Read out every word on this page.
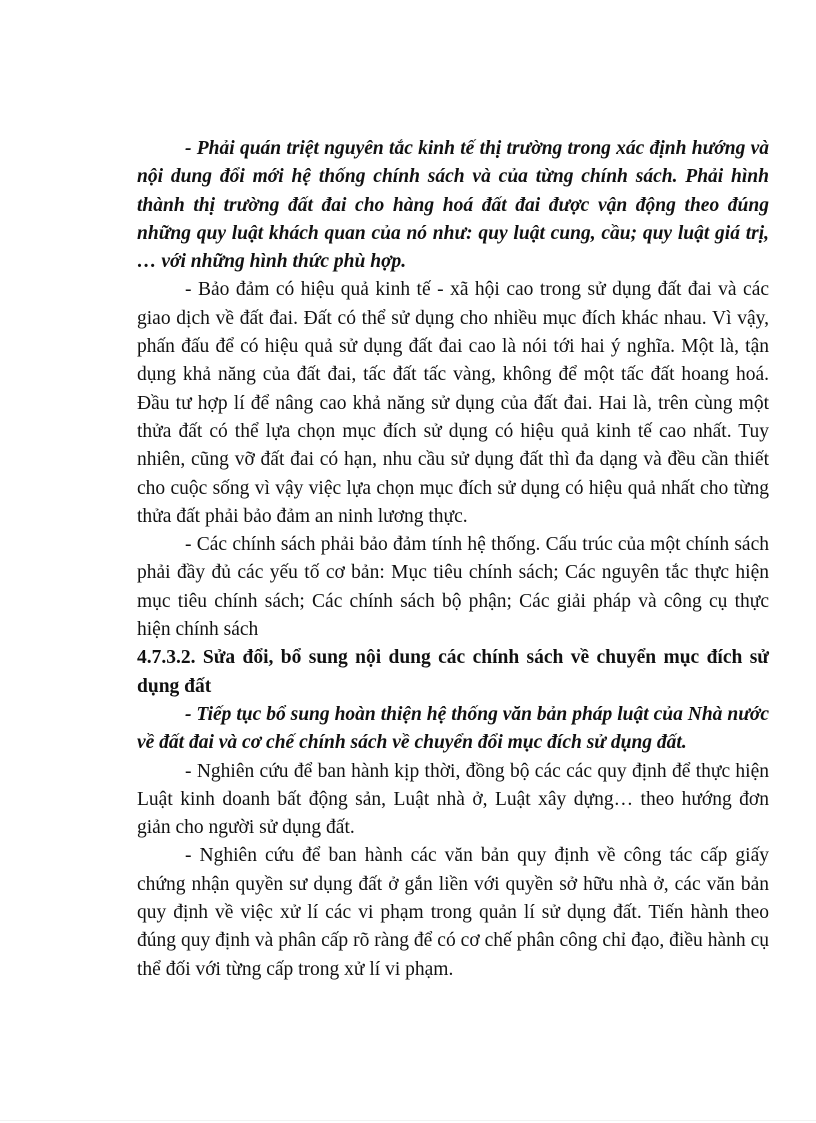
- Phải quán triệt nguyên tắc kinh tế thị trường trong xác định hướng và nội dung đổi mới hệ thống chính sách và của từng chính sách. Phải hình thành thị trường đất đai cho hàng hoá đất đai được vận động theo đúng những quy luật khách quan của nó như: quy luật cung, cầu; quy luật giá trị, … với những hình thức phù hợp.

- Bảo đảm có hiệu quả kinh tế - xã hội cao trong sử dụng đất đai và các giao dịch về đất đai. Đất có thể sử dụng cho nhiều mục đích khác nhau. Vì vậy, phấn đấu để có hiệu quả sử dụng đất đai cao là nói tới hai ý nghĩa. Một là, tận dụng khả năng của đất đai, tấc đất tấc vàng, không để một tấc đất hoang hoá. Đầu tư hợp lí để nâng cao khả năng sử dụng của đất đai. Hai là, trên cùng một thửa đất có thể lựa chọn mục đích sử dụng có hiệu quả kinh tế cao nhất. Tuy nhiên, cũng vỡ đất đai có hạn, nhu cầu sử dụng đất thì đa dạng và đều cần thiết cho cuộc sống vì vậy việc lựa chọn mục đích sử dụng có hiệu quả nhất cho từng thửa đất phải bảo đảm an ninh lương thực.

- Các chính sách phải bảo đảm tính hệ thống. Cấu trúc của một chính sách phải đầy đủ các yếu tố cơ bản: Mục tiêu chính sách; Các nguyên tắc thực hiện mục tiêu chính sách; Các chính sách bộ phận; Các giải pháp và công cụ thực hiện chính sách

4.7.3.2. Sửa đổi, bổ sung nội dung các chính sách về chuyển mục đích sử dụng đất

- Tiếp tục bổ sung hoàn thiện hệ thống văn bản pháp luật của Nhà nước về đất đai và cơ chế chính sách về chuyển đổi mục đích sử dụng đất.

- Nghiên cứu để ban hành kịp thời, đồng bộ các các quy định để thực hiện Luật kinh doanh bất động sản, Luật nhà ở, Luật xây dựng… theo hướng đơn giản cho người sử dụng đất.

- Nghiên cứu để ban hành các văn bản quy định về công tác cấp giấy chứng nhận quyền sư dụng đất ở gắn liền với quyền sở hữu nhà ở, các văn bản quy định về việc xử lí các vi phạm trong quản lí sử dụng đất. Tiến hành theo đúng quy định và phân cấp rõ ràng để có cơ chế phân công chỉ đạo, điều hành cụ thể đối với từng cấp trong xử lí vi phạm.
